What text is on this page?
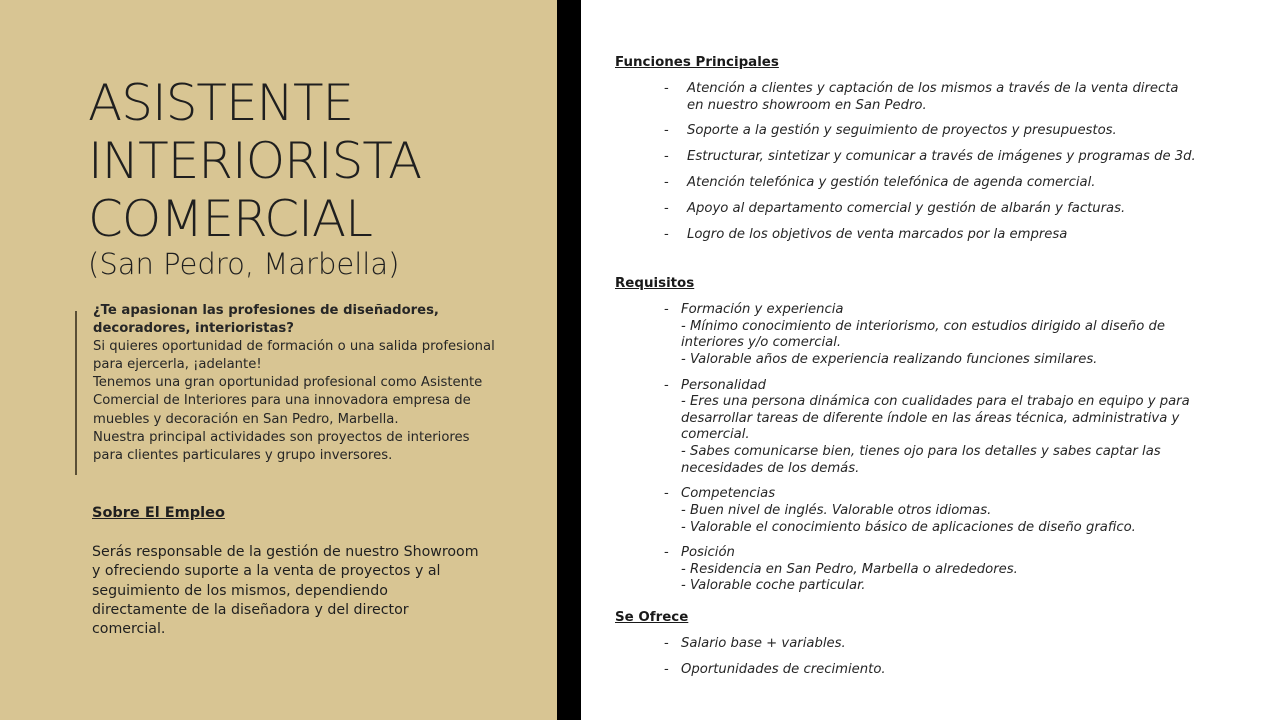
ASISTENTE
INTERIORISTA
COMERCIAL
(San Pedro, Marbella)
¿Te apasionan las profesiones de diseñadores, decoradores, interioristas?
Si quieres oportunidad de formación o una salida profesional para ejercerla, ¡adelante!
Tenemos una gran oportunidad profesional como Asistente Comercial de Interiores para una innovadora empresa de muebles y decoración en San Pedro, Marbella.
Nuestra principal actividades son proyectos de interiores para clientes particulares y grupo inversores.
Sobre El Empleo
Serás responsable de la gestión de nuestro Showroom y ofreciendo suporte a la venta de proyectos y al seguimiento de los mismos, dependiendo directamente de la diseñadora y del director comercial.
Funciones Principales
- Atención a clientes y captación de los mismos a través de la venta directa en nuestro showroom en San Pedro.
- Soporte a la gestión y seguimiento de proyectos y presupuestos.
- Estructurar, sintetizar y comunicar a través de imágenes y programas de 3d.
- Atención telefónica y gestión telefónica de agenda comercial.
- Apoyo al departamento comercial y gestión de albarán y facturas.
- Logro de los objetivos de venta marcados por la empresa
Requisitos
- Formación y experiencia
- Mínimo conocimiento de interiorismo, con estudios dirigido al diseño de interiores y/o comercial.
- Valorable años de experiencia realizando funciones similares.
- Personalidad
- Eres una persona dinámica con cualidades para el trabajo en equipo y para desarrollar tareas de diferente índole en las áreas técnica, administrativa y comercial.
- Sabes comunicarse bien, tienes ojo para los detalles y sabes captar las necesidades de los demás.
- Competencias
- Buen nivel de inglés. Valorable otros idiomas.
- Valorable el conocimiento básico de aplicaciones de diseño grafico.
- Posición
- Residencia en San Pedro, Marbella o alrededores.
- Valorable coche particular.
Se Ofrece
- Salario base + variables.
- Oportunidades de crecimiento.
